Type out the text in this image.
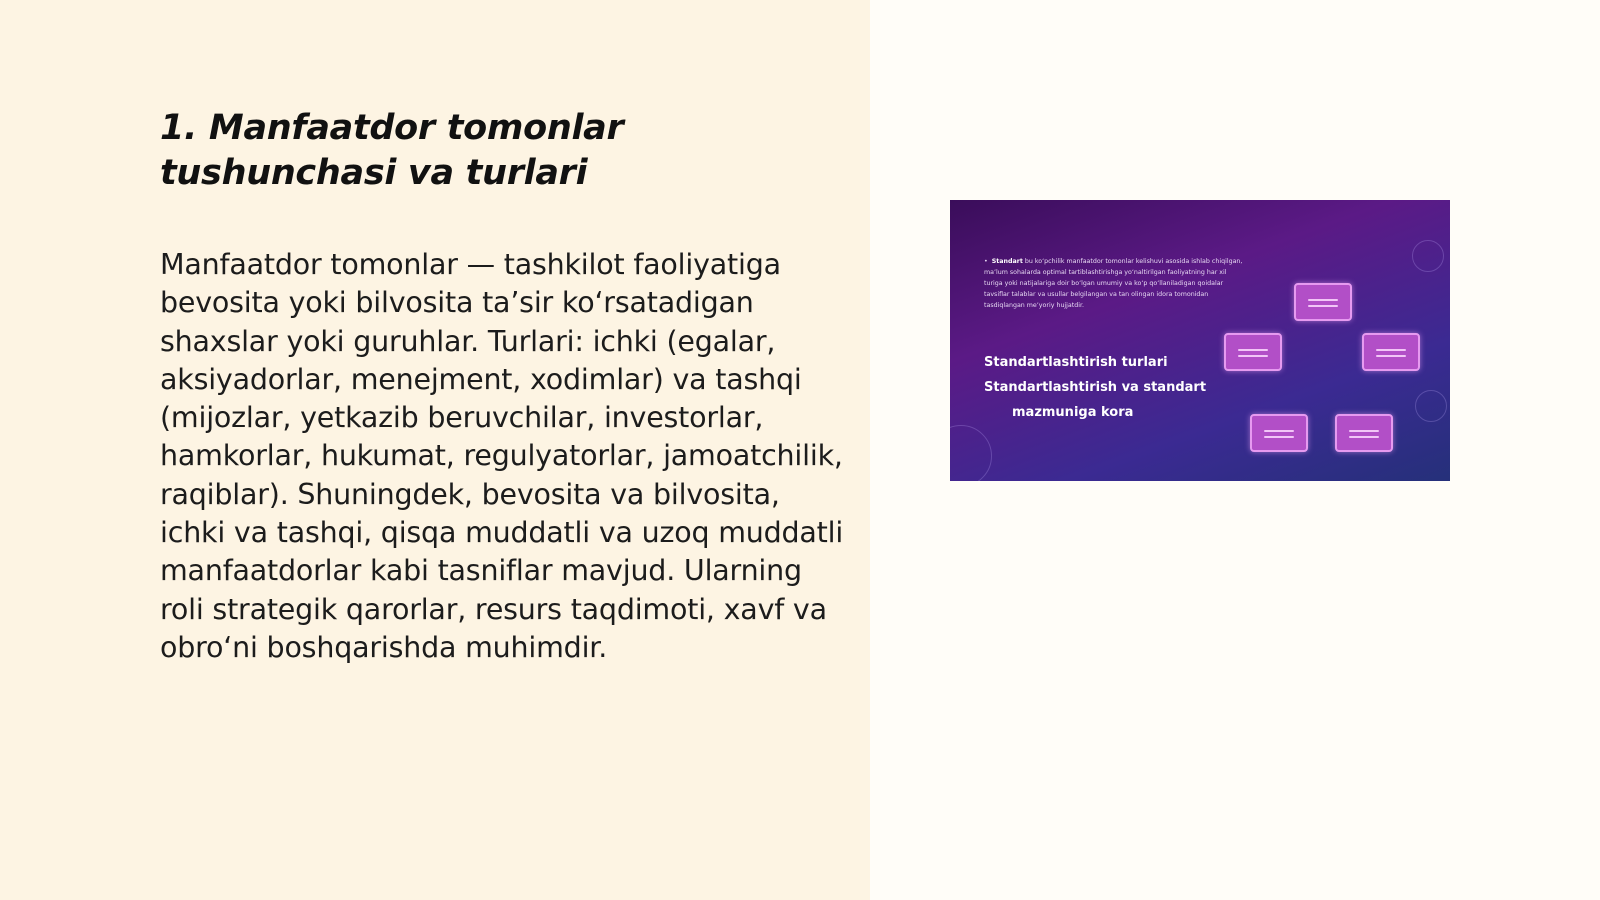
1. Manfaatdor tomonlar tushunchasi va turlari

Manfaatdor tomonlar — tashkilot faoliyatiga bevosita yoki bilvosita ta’sir ko‘rsatadigan shaxslar yoki guruhlar. Turlari: ichki (egalar, aksiyadorlar, menejment, xodimlar) va tashqi (mijozlar, yetkazib beruvchilar, investorlar, hamkorlar, hukumat, regulyatorlar, jamoatchilik, raqiblar). Shuningdek, bevosita va bilvosita, ichki va tashqi, qisqa muddatli va uzoq muddatli manfaatdorlar kabi tasniflar mavjud. Ularning roli strategik qarorlar, resurs taqdimoti, xavf va obro‘ni boshqarishda muhimdir.

• Standart bu ko‘pchilik manfaatdor tomonlar kelishuvi asosida ishlab chiqilgan, ma’lum sohalarda optimal tartiblashtirishga yo‘naltirilgan faoliyatning har xil turiga yoki natijalariga doir bo‘lgan umumiy va ko‘p qo‘llaniladigan qoidalar tavsiflar talablar va usullar belgilangan va tan olingan idora tomonidan tasdiqlangan me’yoriy hujjatdir.
Standartlashtirish turlari
Standartlashtirish va standart
mazmuniga kora
